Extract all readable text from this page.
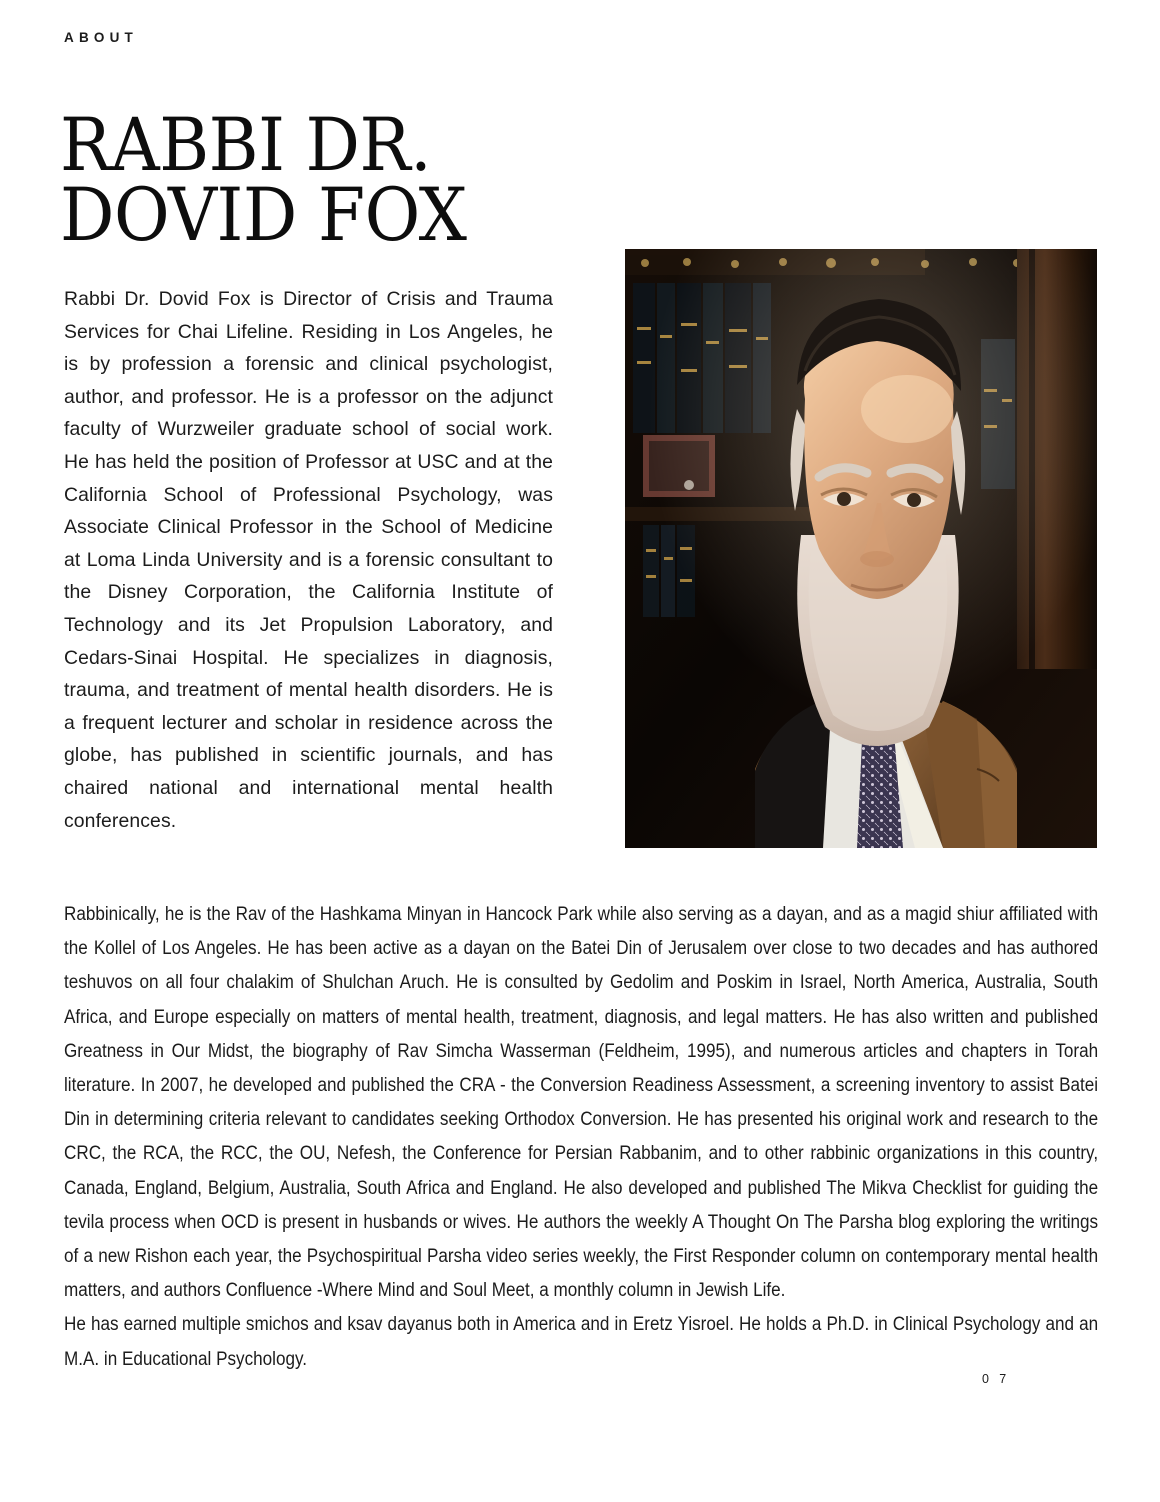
ABOUT
RABBI DR.
DOVID FOX
Rabbi Dr. Dovid Fox is Director of Crisis and Trauma Services for Chai Lifeline. Residing in Los Angeles, he is by profession a forensic and clinical psychologist, author, and professor. He is a professor on the adjunct faculty of Wurzweiler graduate school of social work. He has held the position of Professor at USC and at the California School of Professional Psychology, was Associate Clinical Professor in the School of Medicine at Loma Linda University and is a forensic consultant to the Disney Corporation, the California Institute of Technology and its Jet Propulsion Laboratory, and Cedars-Sinai Hospital. He specializes in diagnosis, trauma, and treatment of mental health disorders. He is a frequent lecturer and scholar in residence across the globe, has published in scientific journals, and has chaired national and international mental health conferences.

Rabbinically, he is the Rav of the Hashkama Minyan in Hancock Park while also serving as a dayan, and as a magid shiur affiliated with the Kollel of Los Angeles. He has been active as a dayan on the Batei Din of Jerusalem over close to two decades and has authored teshuvos on all four chalakim of Shulchan Aruch. He is consulted by Gedolim and Poskim in Israel, North America, Australia, South Africa, and Europe especially on matters of mental health, treatment, diagnosis, and legal matters. He has also written and published Greatness in Our Midst, the biography of Rav Simcha Wasserman (Feldheim, 1995), and numerous articles and chapters in Torah literature. In 2007, he developed and published the CRA - the Conversion Readiness Assessment, a screening inventory to assist Batei Din in determining criteria relevant to candidates seeking Orthodox Conversion. He has presented his original work and research to the CRC, the RCA, the RCC, the OU, Nefesh, the Conference for Persian Rabbanim, and to other rabbinic organizations in this country, Canada, England, Belgium, Australia, South Africa and England. He also developed and published The Mikva Checklist for guiding the tevila process when OCD is present in husbands or wives. He authors the weekly A Thought On The Parsha blog exploring the writings of a new Rishon each year, the Psychospiritual Parsha video series weekly, the First Responder column on contemporary mental health matters, and authors Confluence -Where Mind and Soul Meet, a monthly column in Jewish Life.

He has earned multiple smichos and ksav dayanus both in America and in Eretz Yisroel. He holds a Ph.D. in Clinical Psychology and an M.A. in Educational Psychology.

0 7
